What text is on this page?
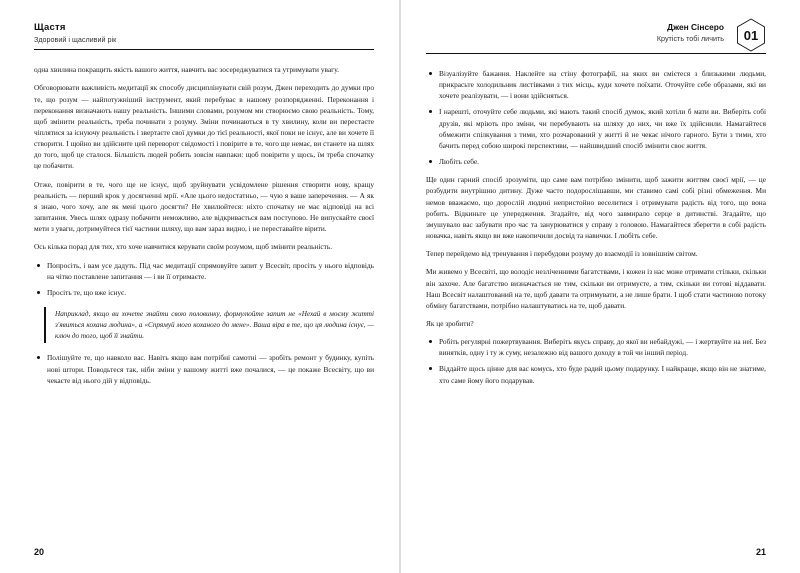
Щастя
Здоровий і щасливий рік

одна хвилина покращить якість вашого життя, навчить вас зосереджуватися та утримувати увагу.

Обговорювати важливість медитації як способу дисциплінувати свій розум, Джен переходить до думки про те, що розум — найпотужніший інструмент, який перебуває в нашому розпорядженні. Переконання і переконання визначають нашу реальність. Іншими словами, розумом ми створюємо свою реальність. Тому, щоб змінити реальність, треба починати з розуму. Зміни починаються в ту хвилину, коли ви перестаєте чіплятися за існуючу реальність і звертаєте свої думки до тієї реальності, якої поки не існує, але ви хочете її створити. І щойно ви здійсните цей переворот свідомості і повірите в те, чого ще немає, ви станете на шлях до того, щоб це сталося. Більшість людей робить зовсім навпаки: щоб повірити у щось, їм треба спочатку це побачити.

Отже, повірити в те, чого ще не існує, щоб зруйнувати усвідомлене рішення створити нову, кращу реальність — перший крок у досягненні мрії. «Але цього недостатньо, — чую я ваше заперечення. — А як я знаю, чого хочу, але як мені цього досягти? Не хвилюйтеся: ніхто спочатку не має відповіді на всі запитання. Увесь шлях одразу побачити неможливо, але відкривається вам поступово. Не випускайте своєї мети з уваги, дотримуйтеся тієї частини шляху, що вам зараз видно, і не переставайте вірити.

Ось кілька порад для тих, хто хоче навчитися керувати своїм розумом, щоб змінити реальність.

Попросіть, і вам усе дадуть. Під час медитації спрямовуйте запит у Всесвіт, просіть у нього відповідь на чітко поставлене запитання — і ви її отримаєте.
Просіть те, що вже існує.
Наприклад, якщо ви хочете знайти свою половинку, формулюйте запит не «Нехай в моєму житті з'явиться кохана людина», а «Спрямуй мого коханого до мене». Ваша віра в те, що ця людина існує, — ключ до того, щоб її знайти.
Полішуйте те, що навколо вас. Навіть якщо вам потрібні самотні — зробіть ремонт у будинку, купіть нові штори. Поводьтеся так, ніби зміни у вашому житті вже почалися, — це покаже Всесвіту, що ви чекаєте від нього дій у відповідь.
20
Джен Сінсеро
Крутість тобі личить 01
Візуалізуйте бажання. Наклейте на стіну фотографії, на яких ви смієтеся з близькими людьми, прикрасьте холодильник листівками з тих місць, куди хочете поїхати. Оточуйте себе образами, які ви хочете реалізувати, — і вони здійсняться.
І нарешті, оточуйте себе людьми, які мають такий спосіб думок, який хотіли б мати ви. Виберіть собі друзів, які мріють про зміни, чи перебувають на шляху до них, чи вже їх здійснили. Намагайтеся обмежити спілкування з тими, хто розчарований у житті й не чекає нічого гарного. Бути з тими, хто бачить перед собою широкі перспективи, — найшвидший спосіб змінити своє життя.
Любіть себе.

Ще один гарний спосіб зрозуміти, що саме вам потрібно змінити, щоб зажити життям своєї мрії, — це розбудити внутрішню дитину. Дуже часто подорослішавши, ми ставимо самі собі різні обмеження. Ми немов вважаємо, що дорослій людині непристойно веселитися і отримувати радість від того, що вона робить. Відкиньте це упередження. Згадайте, від чого завмирало серце в дитинстві. Згадайте, що змушувало вас забувати про час та занурюватися у справу з головою. Намагайтеся зберегти в собі радість новачка, навіть якщо ви вже накопичили досвід та навички. І любіть себе.

Тепер перейдемо від тренування і перебудови розуму до взаємодії із зовнішнім світом.

Ми живемо у Всесвіті, що володіє незліченними багатствами, і кожен із нас може отримати стільки, скільки він захоче. Але багатство визначається не тим, скільки ви отримуєте, а тим, скільки ви готові віддавати. Наш Всесвіт налаштований на те, щоб давати та отримувати, а не лише брати. І щоб стати частиною потоку обміну багатствами, потрібно налаштуватись на те, щоб давати.

Як це зробити?

Робіть регулярні пожертвування. Виберіть якусь справу, до якої ви небайдужі, — і жертвуйте на неї. Без винятків, одну і ту ж суму, незалежно від вашого доходу в той чи інший період.
Віддайте щось цінне для вас комусь, хто буде радий цьому подарунку. І найкраще, якщо він не знатиме, хто саме йому його подарував.
21
